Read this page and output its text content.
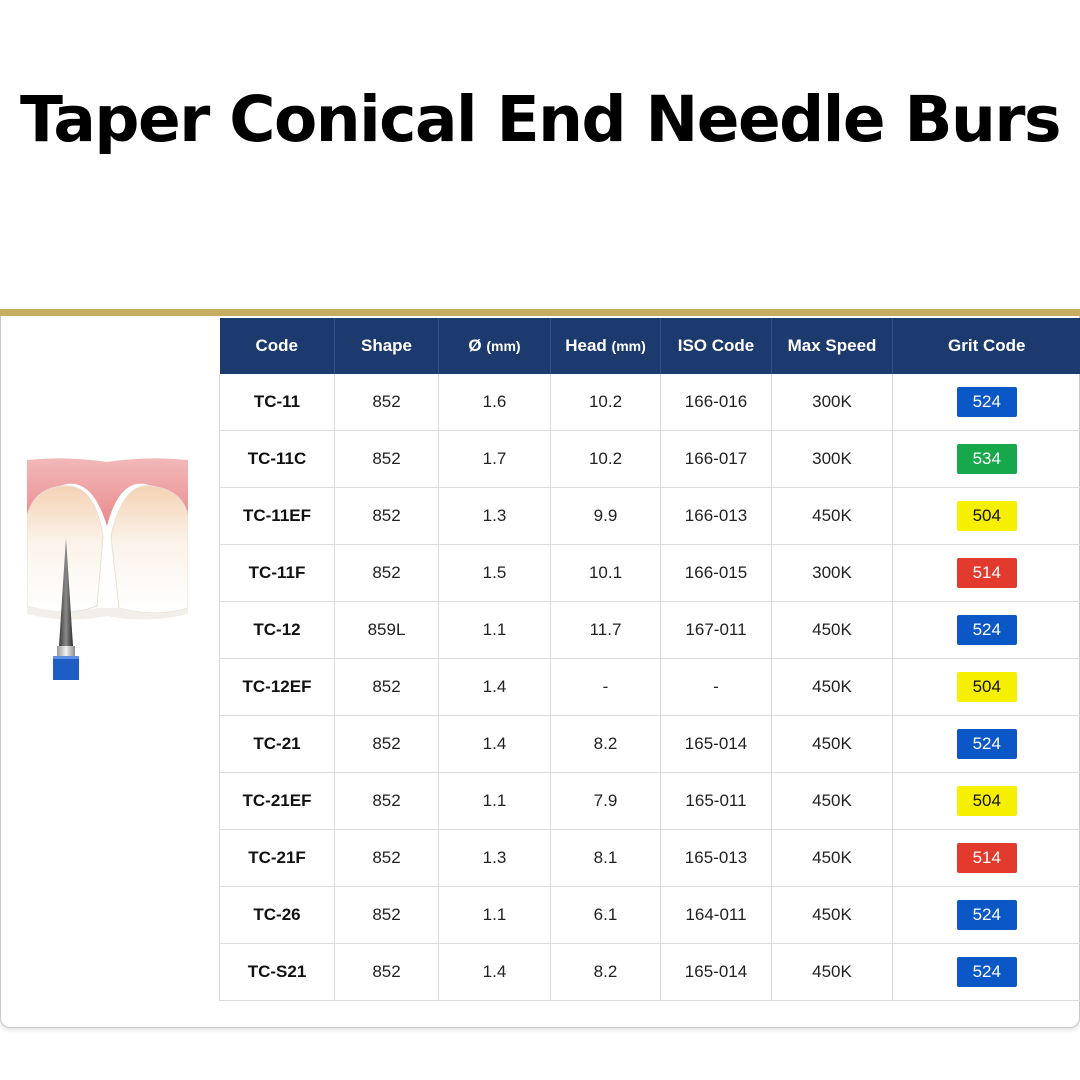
Taper Conical End Needle Burs
Code	Shape	Ø (mm)	Head (mm)	ISO Code	Max Speed	Grit Code
TC-11	852	1.6	10.2	166-016	300K	524
TC-11C	852	1.7	10.2	166-017	300K	534
TC-11EF	852	1.3	9.9	166-013	450K	504
TC-11F	852	1.5	10.1	166-015	300K	514
TC-12	859L	1.1	11.7	167-011	450K	524
TC-12EF	852	1.4	-	-	450K	504
TC-21	852	1.4	8.2	165-014	450K	524
TC-21EF	852	1.1	7.9	165-011	450K	504
TC-21F	852	1.3	8.1	165-013	450K	514
TC-26	852	1.1	6.1	164-011	450K	524
TC-S21	852	1.4	8.2	165-014	450K	524
